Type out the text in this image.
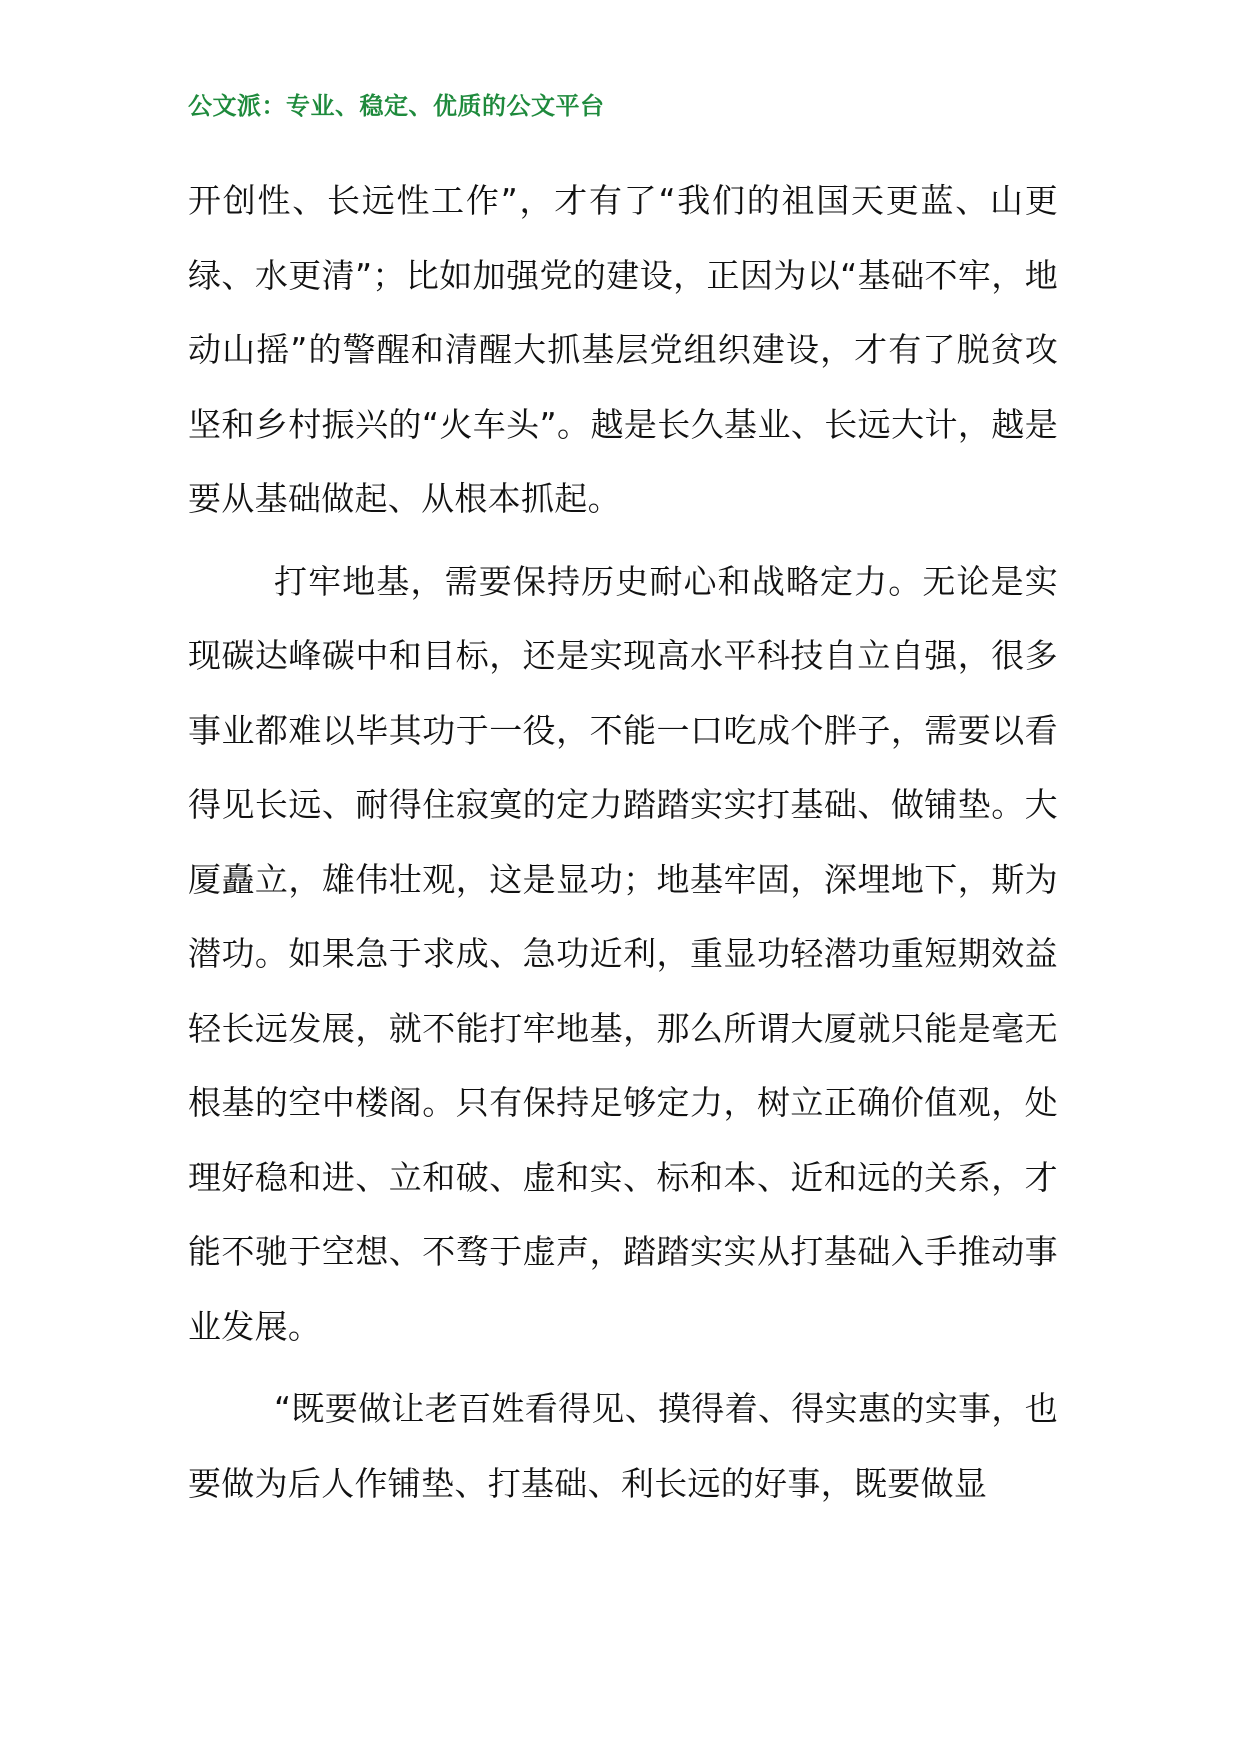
公文派：专业、稳定、优质的公文平台

开创性、长远性工作”，才有了“我们的祖国天更蓝、山更绿、水更清”；比如加强党的建设，正因为以“基础不牢，地动山摇”的警醒和清醒大抓基层党组织建设，才有了脱贫攻坚和乡村振兴的“火车头”。越是长久基业、长远大计，越是要从基础做起、从根本抓起。

打牢地基，需要保持历史耐心和战略定力。无论是实现碳达峰碳中和目标，还是实现高水平科技自立自强，很多事业都难以毕其功于一役，不能一口吃成个胖子，需要以看得见长远、耐得住寂寞的定力踏踏实实打基础、做铺垫。大厦矗立，雄伟壮观，这是显功；地基牢固，深埋地下，斯为潜功。如果急于求成、急功近利，重显功轻潜功重短期效益轻长远发展，就不能打牢地基，那么所谓大厦就只能是毫无根基的空中楼阁。只有保持足够定力，树立正确价值观，处理好稳和进、立和破、虚和实、标和本、近和远的关系，才能不驰于空想、不骛于虚声，踏踏实实从打基础入手推动事业发展。

“既要做让老百姓看得见、摸得着、得实惠的实事，也要做为后人作铺垫、打基础、利长远的好事，既要做显
